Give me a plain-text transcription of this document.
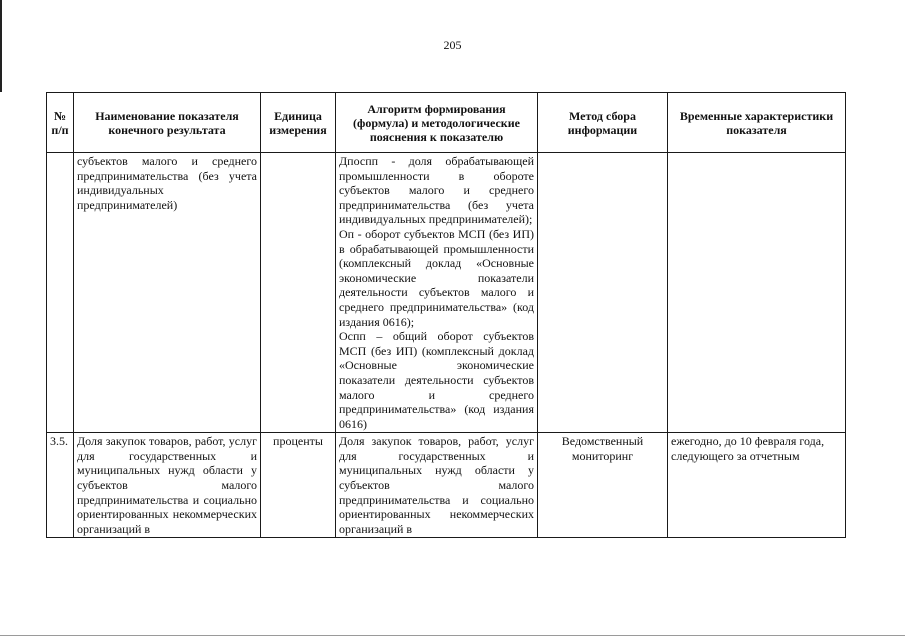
205
№ п/п	Наименование показателя конечного результата	Единица измерения	Алгоритм формирования (формула) и методологические пояснения к показателю	Метод сбора информации	Временные характеристики показателя
	субъектов малого и среднего предпринимательства (без учета индивидуальных предпринимателей)		Дпоспп - доля обрабатывающей промышленности в обороте субъектов малого и среднего предпринимательства (без учета индивидуальных предпринимателей);
Оп - оборот субъектов МСП (без ИП) в обрабатывающей промышленности (комплексный доклад «Основные экономические показатели деятельности субъектов малого и среднего предпринимательства» (код издания 0616);
Оспп – общий оборот субъектов МСП (без ИП) (комплексный доклад «Основные экономические показатели деятельности субъектов малого и среднего предпринимательства» (код издания 0616)		

3.5.	Доля закупок товаров, работ, услуг для государственных и муниципальных нужд области у субъектов малого предпринимательства и социально ориентированных некоммерческих организаций в	проценты	Доля закупок товаров, работ, услуг для государственных и муниципальных нужд области у субъектов малого предпринимательства и социально ориентированных некоммерческих организаций в	Ведомственный мониторинг	ежегодно, до 10 февраля года, следующего за отчетным
